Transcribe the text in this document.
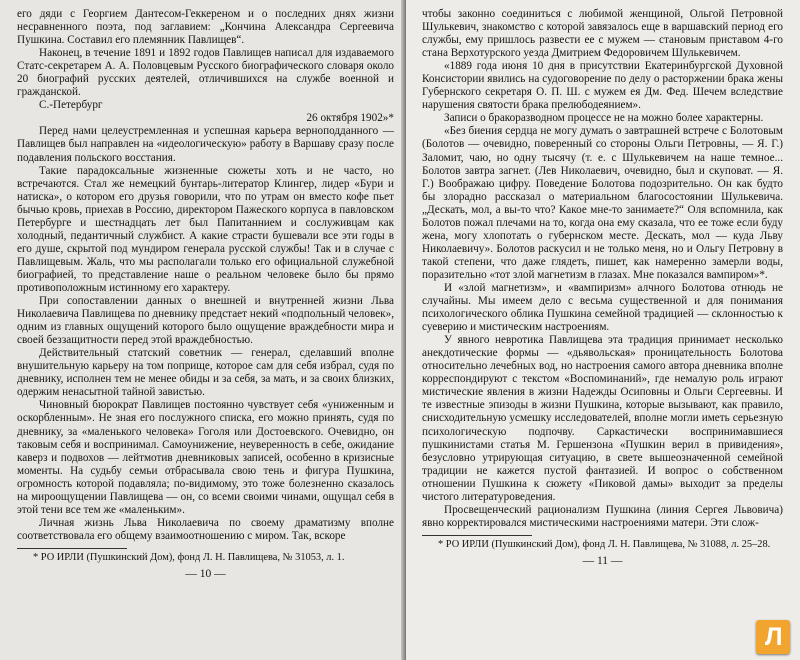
его дяди с Георгием Дантесом-Геккереном и о последних днях жизни несравненного поэта, под заглавием: „Кончина Александра Сергеевича Пушкина. Составил его племянник Павлищев“.

Наконец, в течение 1891 и 1892 годов Павлищев написал для издаваемого Статс-секретарем А. А. Половцевым Русского биографического словаря около 20 биографий русских деятелей, отличившихся на службе военной и гражданской.

С.-Петербург

26 октября 1902»*

Перед нами целеустремленная и успешная карьера верноподданного — Павлищев был направлен на «идеологическую» работу в Варшаву сразу после подавления польского восстания.

Такие парадоксальные жизненные сюжеты хоть и не часто, но встречаются. Стал же немецкий бунтарь-литератор Клингер, лидер «Бури и натиска», о котором его друзья говорили, что по утрам он вместо кофе пьет бычью кровь, приехав в Россию, директором Пажеского корпуса в павловском Петербурге и шестнадцать лет был Папитаннием и сослуживцам как холодный, педантичный службист. А какие страсти бушевали все эти годы в его душе, скрытой под мундиром генерала русской службы! Так и в случае с Павлищевым. Жаль, что мы располагали только его официальной служебной биографией, то представление наше о реальном человеке было бы прямо противоположным истинному его характеру.

При сопоставлении данных о внешней и внутренней жизни Льва Николаевича Павлищева по дневнику предстает некий «подпольный человек», одним из главных ощущений которого было ощущение враждебности мира и своей беззащитности перед этой враждебностью.

Действительный статский советник — генерал, сделавший вполне внушительную карьеру на том поприще, которое сам для себя избрал, судя по дневнику, исполнен тем не менее обиды и за себя, за мать, и за своих близких, одержим ненасытной тайной завистью.

Чиновный бюрократ Павлищев постоянно чувствует себя «униженным и оскорбленным». Не зная его послужного списка, его можно принять, судя по дневнику, за «маленького человека» Гоголя или Достоевского. Очевидно, он таковым себя и воспринимал. Самоунижение, неуверенность в себе, ожидание каверз и подвохов — лейтмотив дневниковых записей, особенно в кризисные моменты. На судьбу семьи отбрасывала свою тень и фигура Пушкина, огромность которой подавляла; по-видимому, это тоже болезненно сказалось на мироощущении Павлищева — он, со всеми своими чинами, ощущал себя в этой тени все тем же «маленьким».

Личная жизнь Льва Николаевича по своему драматизму вполне соответствовала его общему взаимоотношению с миром. Так, вскоре

* РО ИРЛИ (Пушкинский Дом), фонд Л. Н. Павлищева, № 31053, л. 1.
— 10 —

чтобы законно соединиться с любимой женщиной, Ольгой Петровной Шулькевич, знакомство с которой завязалось еще в варшавский период его службы, ему пришлось развести ее с мужем — становым приставом 4-го стана Верхотурского уезда Дмитрием Федоровичем Шулькевичем.

«1889 года июня 10 дня в присутствии Екатеринбургской Духовной Консистории явились на судоговорение по делу о расторжении брака жены Губернского секретаря О. П. Ш. с мужем ея Дм. Фед. Шечем вследствие нарушения святости брака прелюбодеянием».

Записи о бракоразводном процессе не на можно более характерны.

«Без биения сердца не могу думать о завтрашней встрече с Болотовым (Болотов — очевидно, поверенный со стороны Ольги Петровны, — Я. Г.) Заломит, чаю, но одну тысячу (т. е. с Шулькевичем на наше темное... Болотов завтра загнет. (Лев Николаевич, очевидно, был и скуповат. — Я. Г.) Воображаю цифру. Поведение Болотова подозрительно. Он как будто бы злорадно рассказал о материальном благосостоянии Шулькевича. „Дескать, мол, а вы-то что? Какое мне-то занимаете?“ Оля вспомнила, как Болотов пожал плечами на то, когда она ему сказала, что ее тоже если буду жена, могу хлопотать о губернском месте. Дескать, мол — куда Льву Николаевичу». Болотов раскусил и не только меня, но и Ольгу Петровну в такой степени, что даже глядеть, пишет, как намеренно замерли воды, поразительно «тот злой магнетизм в глазах. Мне показался вампиром»*.

И «злой магнетизм», и «вампиризм» алчного Болотова отнюдь не случайны. Мы имеем дело с весьма существенной и для понимания психологического облика Пушкина семейной традицией — склонностью к суеверию и мистическим настроениям.

У явного невротика Павлищева эта традиция принимает несколько анекдотические формы — «дьявольская» проницательность Болотова относительно лечебных вод, но настроения самого автора дневника вполне корреспондируют с текстом «Воспоминаний», где немалую роль играют мистические явления в жизни Надежды Осиповны и Ольги Сергеевны. И те известные эпизоды в жизни Пушкина, которые вызывают, как правило, снисходительную усмешку исследователей, вполне могли иметь серьезную психологическую подпочву. Саркастически воспринимавшиеся пушкинистами статья М. Гершензона «Пушкин верил в привидения», безусловно утрирующая ситуацию, в свете вышеозначенной семейной традиции не кажется пустой фантазией. И вопрос о собственном отношении Пушкина к сюжету «Пиковой дамы» выходит за пределы чистого литературоведения.

Просвещенческий рационализм Пушкина (линия Сергея Львовича) явно корректировался мистическими настроениями матери. Эти слож-

* РО ИРЛИ (Пушкинский Дом), фонд Л. Н. Павлищева, № 31088, л. 25–28.
— 11 —
Л
